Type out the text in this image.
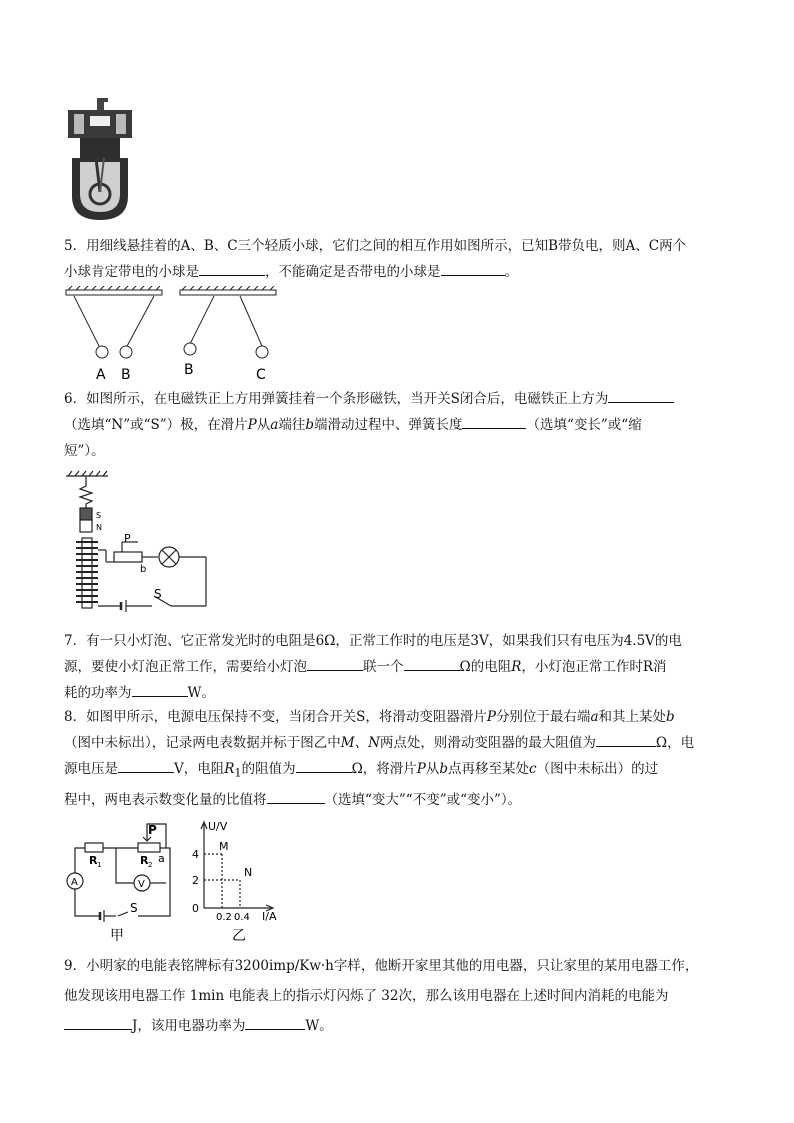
5．用细线悬挂着的A、B、C三个轻质小球，它们之间的相互作用如图所示，已知B带负电，则A、C两个
小球肯定带电的小球是	，不能确定是否带电的小球是	。
A B	B	C
6．如图所示，在电磁铁正上方用弹簧挂着一个条形磁铁，当开关S闭合后，电磁铁正上方为
（选填“N”或“S”）极，在滑片P从a端往b端滑动过程中、弹簧长度	（选填“变长”或“缩
短”）。
S
N
P
b
S
7．有一只小灯泡、它正常发光时的电阻是6Ω，正常工作时的电压是3V，如果我们只有电压为4.5V的电
源，要使小灯泡正常工作，需要给小灯泡	联一个	Ω的电阻R，小灯泡正常工作时R消
耗的功率为	W。
8．如图甲所示，电源电压保持不变，当闭合开关S，将滑动变阻器滑片P分别位于最右端a和其上某处b
（图中未标出），记录两电表数据并标于图乙中M、N两点处，则滑动变阻器的最大阻值为	Ω，电
源电压是	V，电阻$R_1$的阻值为	Ω，将滑片P从b点再移至某处c（图中未标出）的过
程中，两电表示数变化量的比值将	（选填“变大”“不变”或“变小”）。
P
R 1	R 2 a
A	V
S
甲
U/V
4
2
0
0.2 0.4 I/A
M
N
乙
9．小明家的电能表铭牌标有3200imp/Kw·h字样，他断开家里其他的用电器，只让家里的某用电器工作，
他发现该用电器工作 1min 电能表上的指示灯闪烁了 32次，那么该用电器在上述时间内消耗的电能为
J，该用电器功率为	W。
